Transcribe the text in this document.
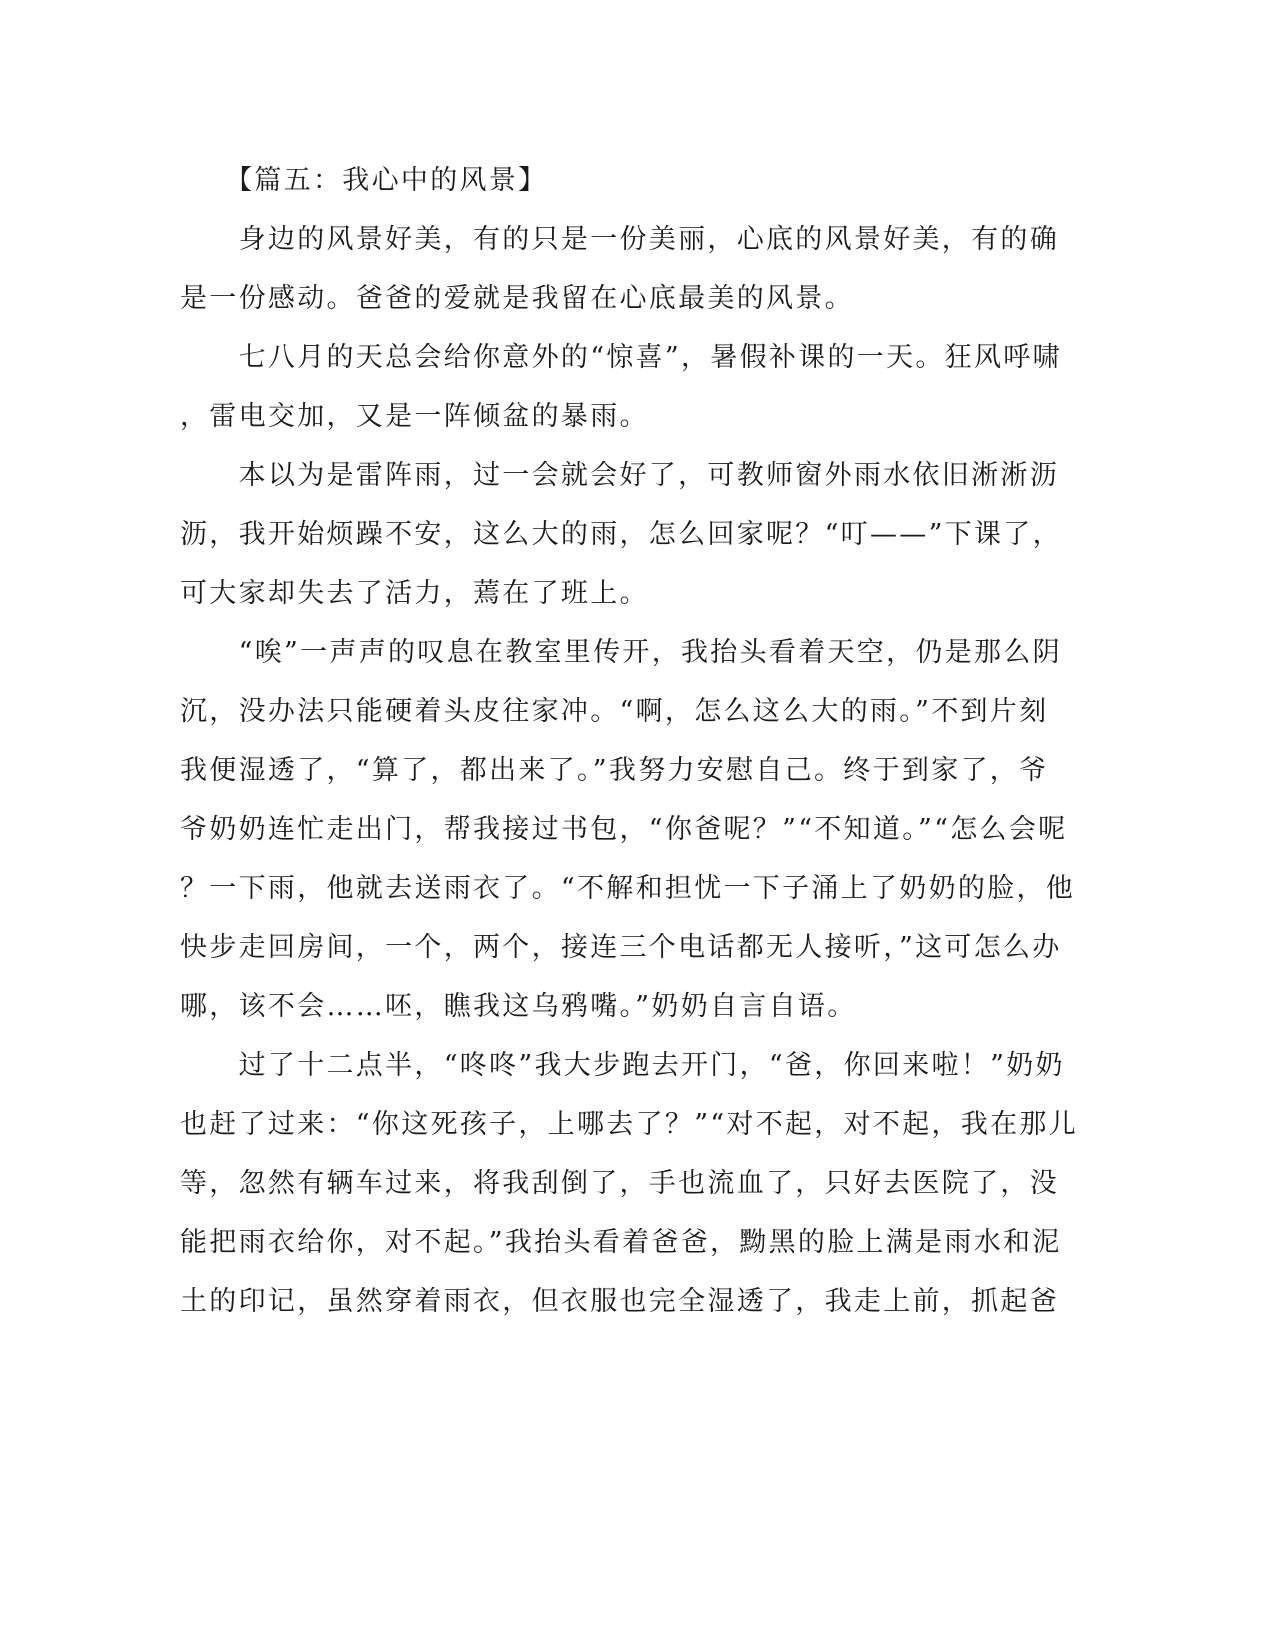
　　【篇五：我心中的风景】
　　身边的风景好美，有的只是一份美丽，心底的风景好美，有的确
是一份感动。爸爸的爱就是我留在心底最美的风景。
　　七八月的天总会给你意外的“惊喜”，暑假补课的一天。狂风呼啸
，雷电交加，又是一阵倾盆的暴雨。
　　本以为是雷阵雨，过一会就会好了，可教师窗外雨水依旧淅淅沥
沥，我开始烦躁不安，这么大的雨，怎么回家呢？“叮——”下课了，
可大家却失去了活力，蔫在了班上。
　　“唉”一声声的叹息在教室里传开，我抬头看着天空，仍是那么阴
沉，没办法只能硬着头皮往家冲。“啊，怎么这么大的雨。”不到片刻
我便湿透了，“算了，都出来了。”我努力安慰自己。终于到家了，爷
爷奶奶连忙走出门，帮我接过书包，“你爸呢？”“不知道。”“怎么会呢
？一下雨，他就去送雨衣了。“不解和担忧一下子涌上了奶奶的脸，他
快步走回房间，一个，两个，接连三个电话都无人接听，”这可怎么办
哪，该不会……呸，瞧我这乌鸦嘴。”奶奶自言自语。
　　过了十二点半，“咚咚”我大步跑去开门，“爸，你回来啦！”奶奶
也赶了过来：“你这死孩子，上哪去了？”“对不起，对不起，我在那儿
等，忽然有辆车过来，将我刮倒了，手也流血了，只好去医院了，没
能把雨衣给你，对不起。”我抬头看着爸爸，黝黑的脸上满是雨水和泥
土的印记，虽然穿着雨衣，但衣服也完全湿透了，我走上前，抓起爸
